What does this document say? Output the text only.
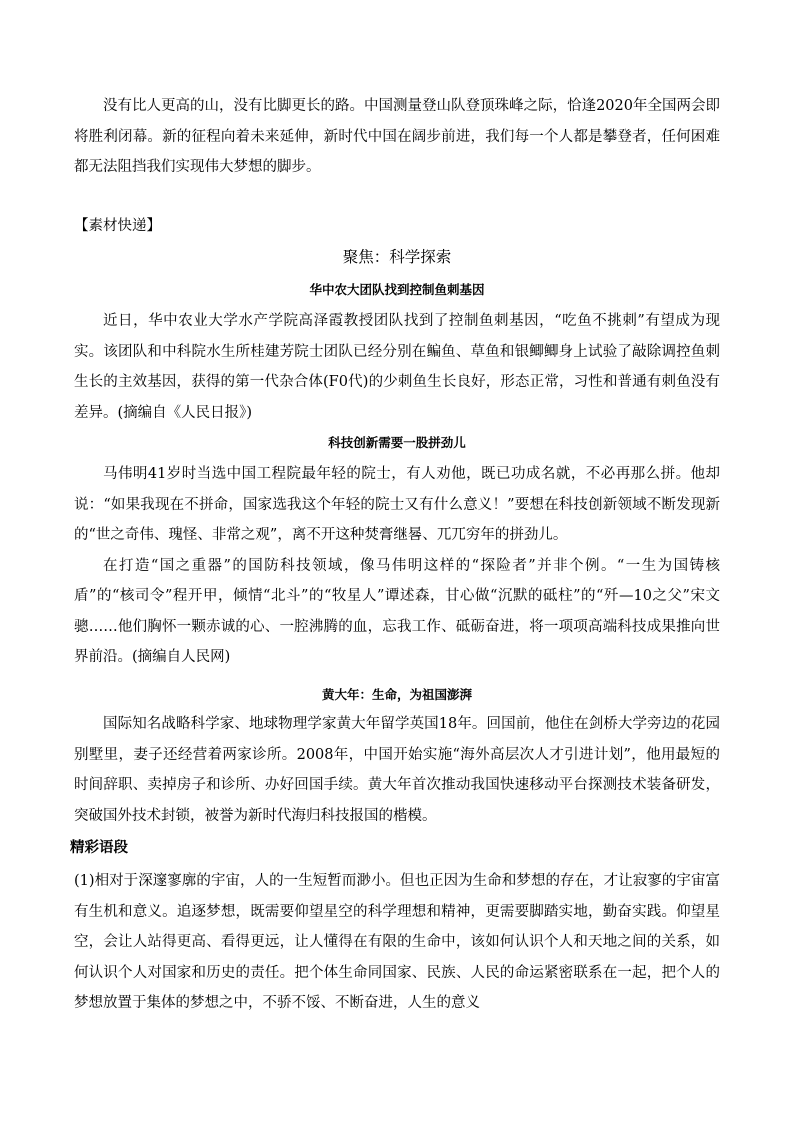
没有比人更高的山，没有比脚更长的路。中国测量登山队登顶珠峰之际，恰逢2020年全国两会即将胜利闭幕。新的征程向着未来延伸，新时代中国在阔步前进，我们每一个人都是攀登者，任何困难都无法阻挡我们实现伟大梦想的脚步。

【素材快递】
聚焦：科学探索
华中农大团队找到控制鱼刺基因

近日，华中农业大学水产学院高泽霞教授团队找到了控制鱼刺基因，“吃鱼不挑刺”有望成为现实。该团队和中科院水生所桂建芳院士团队已经分别在鳊鱼、草鱼和银鲫鲫身上试验了敲除调控鱼刺生长的主效基因，获得的第一代杂合体(F0代)的少刺鱼生长良好，形态正常，习性和普通有刺鱼没有差异。(摘编自《人民日报》)

科技创新需要一股拼劲儿

马伟明41岁时当选中国工程院最年轻的院士，有人劝他，既已功成名就，不必再那么拼。他却说：“如果我现在不拼命，国家选我这个年轻的院士又有什么意义！”要想在科技创新领域不断发现新的“世之奇伟、瑰怪、非常之观”，离不开这种焚膏继晷、兀兀穷年的拼劲儿。

在打造“国之重器”的国防科技领域，像马伟明这样的“探险者”并非个例。“一生为国铸核盾”的“核司令”程开甲，倾情“北斗”的“牧星人”谭述森，甘心做“沉默的砥柱”的“歼—10之父”宋文骢……他们胸怀一颗赤诚的心、一腔沸腾的血，忘我工作、砥砺奋进，将一项项高端科技成果推向世界前沿。(摘编自人民网)

黄大年：生命，为祖国澎湃

国际知名战略科学家、地球物理学家黄大年留学英国18年。回国前，他住在剑桥大学旁边的花园别墅里，妻子还经营着两家诊所。2008年，中国开始实施“海外高层次人才引进计划”，他用最短的时间辞职、卖掉房子和诊所、办好回国手续。黄大年首次推动我国快速移动平台探测技术装备研发，突破国外技术封锁，被誉为新时代海归科技报国的楷模。

精彩语段

(1)相对于深邃寥廓的宇宙，人的一生短暂而渺小。但也正因为生命和梦想的存在，才让寂寥的宇宙富有生机和意义。追逐梦想，既需要仰望星空的科学理想和精神，更需要脚踏实地，勤奋实践。仰望星空，会让人站得更高、看得更远，让人懂得在有限的生命中，该如何认识个人和天地之间的关系，如何认识个人对国家和历史的责任。把个体生命同国家、民族、人民的命运紧密联系在一起，把个人的梦想放置于集体的梦想之中，不骄不馁、不断奋进，人生的意义
